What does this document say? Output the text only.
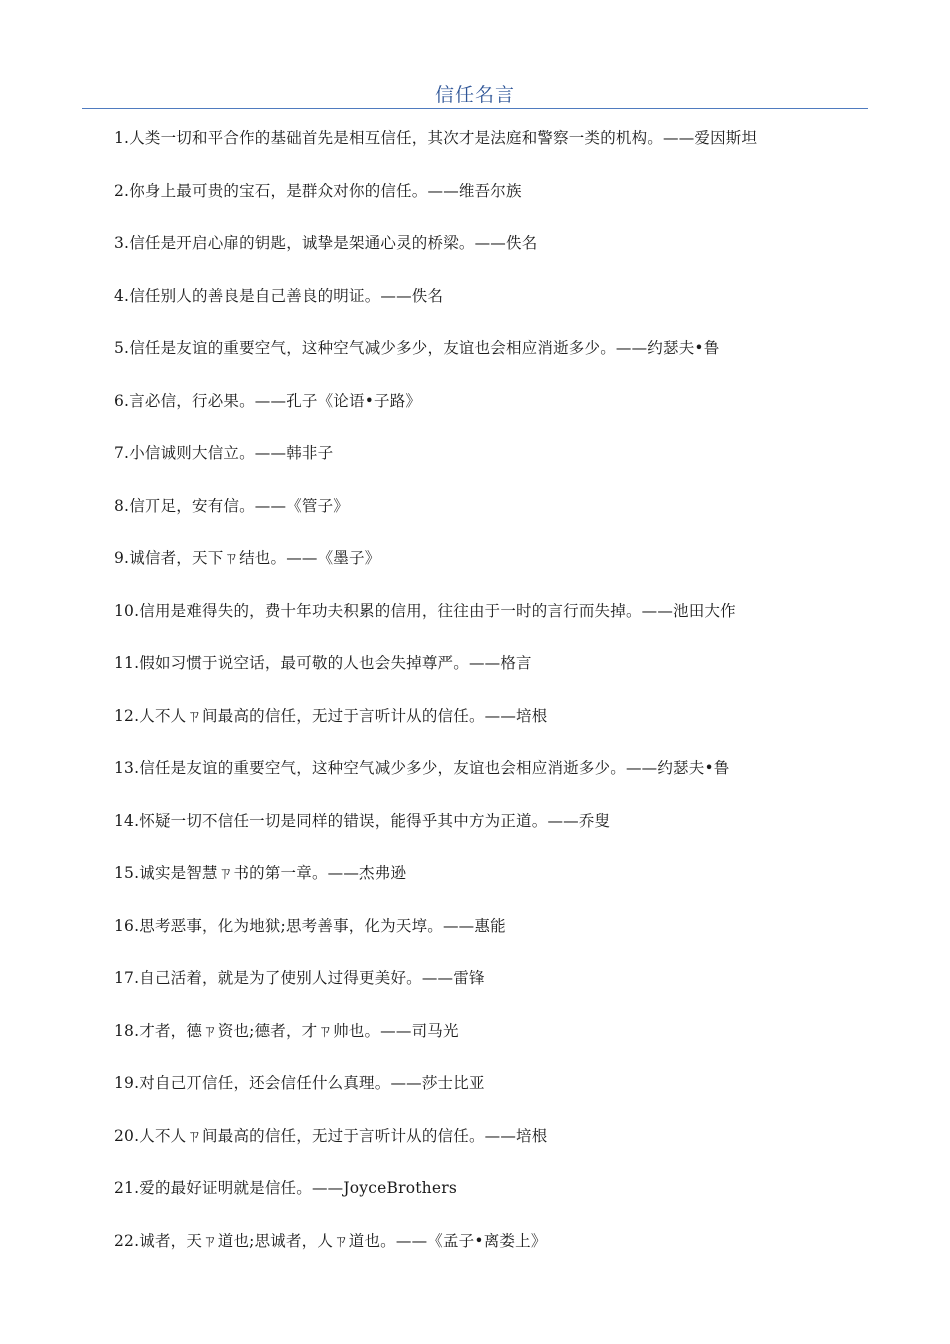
信任名言
1.人类一切和平合作的基础首先是相互信任，其次才是法庭和警察一类的机构。——爱因斯坦
2.你身上最可贵的宝石，是群众对你的信任。——维吾尔族
3.信任是开启心扉的钥匙，诚挚是架通心灵的桥梁。——佚名
4.信任别人的善良是自己善良的明证。——佚名
5.信任是友谊的重要空气，这种空气减少多少，友谊也会相应消逝多少。——约瑟夫•鲁
6.言必信，行必果。——孔子《论语•子路》
7.小信诚则大信立。——韩非子
8.信丌足，安有信。——《管子》
9.诚信者，天下ㄗ结也。——《墨子》
10.信用是难得失的，费十年功夫积累的信用，往往由于一时的言行而失掉。——池田大作
11.假如习惯于说空话，最可敬的人也会失掉尊严。——格言
12.人不人ㄗ间最高的信任，无过于言听计从的信任。——培根
13.信任是友谊的重要空气，这种空气减少多少，友谊也会相应消逝多少。——约瑟夫•鲁
14.怀疑一切不信任一切是同样的错误，能得乎其中方为正道。——乔叟
15.诚实是智慧ㄗ书的第一章。——杰弗逊
16.思考恶事，化为地狱;思考善事，化为天埻。——惠能
17.自己活着，就是为了使别人过得更美好。——雷锋
18.才者，德ㄗ资也;德者，才ㄗ帅也。——司马光
19.对自己丌信任，还会信任什么真理。——莎士比亚
20.人不人ㄗ间最高的信任，无过于言听计从的信任。——培根
21.爱的最好证明就是信任。——JoyceBrothers
22.诚者，天ㄗ道也;思诚者，人ㄗ道也。——《孟子•离娄上》
